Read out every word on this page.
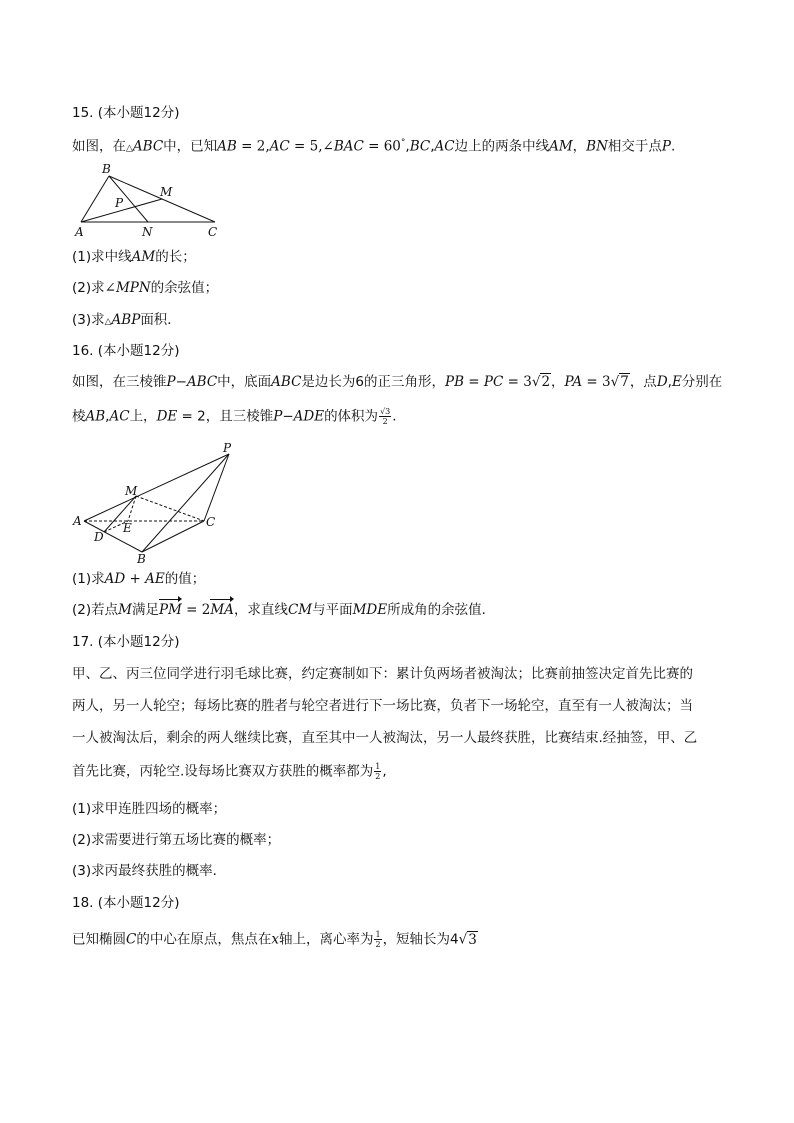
15. (本小题12分)
如图，在△ABC中，已知AB = 2,AC = 5,∠BAC = 60°,BC,AC边上的两条中线AM，BN相交于点P.
B
M
P
A	N	C
(1)求中线AM的长；
(2)求∠MPN的余弦值；
(3)求△ABP面积．
16. (本小题12分)
如图，在三棱锥P−ABC中，底面ABC是边长为6的正三角形，PB = PC = 3√2，PA = 3√7，点D,E分别在
棱AB,AC上，DE = 2，且三棱锥P−ADE的体积为 $\frac{√3}{2}$ .
P
M
A	E	C
D
B
(1)求AD + AE的值；
(2)若点M满足PM = 2MA，求直线CM与平面MDE所成角的余弦值．
17. (本小题12分)
甲、乙、丙三位同学进行羽毛球比赛，约定赛制如下：累计负两场者被淘汰；比赛前抽签决定首先比赛的
两人，另一人轮空；每场比赛的胜者与轮空者进行下一场比赛，负者下一场轮空，直至有一人被淘汰；当
一人被淘汰后，剩余的两人继续比赛，直至其中一人被淘汰，另一人最终获胜，比赛结束.经抽签，甲、乙
首先比赛，丙轮空.设每场比赛双方获胜的概率都为 $\frac{1}{2}$ ,
(1)求甲连胜四场的概率；
(2)求需要进行第五场比赛的概率；
(3)求丙最终获胜的概率．
18. (本小题12分)
已知椭圆C的中心在原点，焦点在x轴上，离心率为 $\frac{1}{2}$ ，短轴长为4√3
